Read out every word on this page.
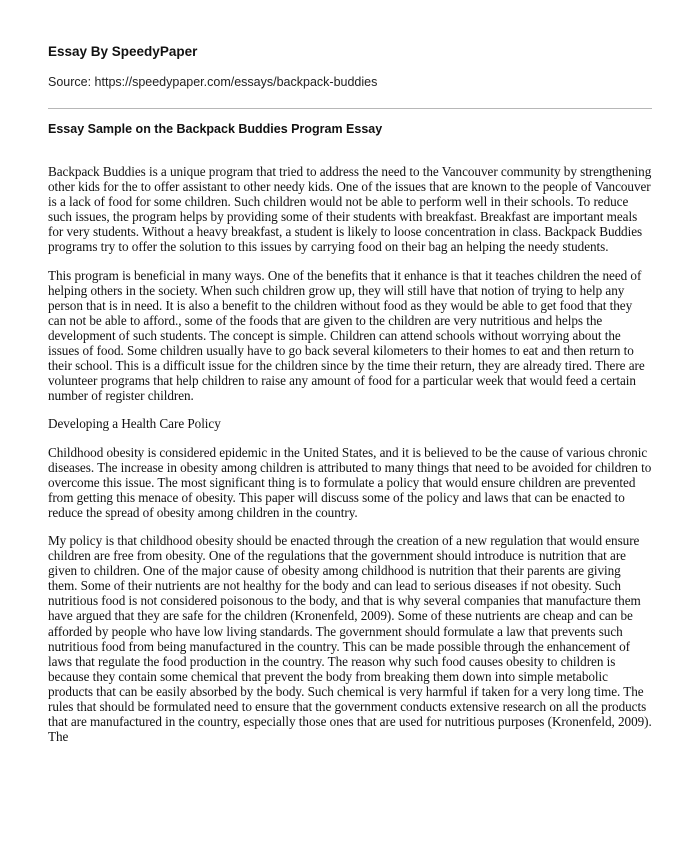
Essay By SpeedyPaper
Source: https://speedypaper.com/essays/backpack-buddies
Essay Sample on the Backpack Buddies Program Essay

Backpack Buddies is a unique program that tried to address the need to the Vancouver community by strengthening other kids for the to offer assistant to other needy kids. One of the issues that are known to the people of Vancouver is a lack of food for some children. Such children would not be able to perform well in their schools. To reduce such issues, the program helps by providing some of their students with breakfast. Breakfast are important meals for very students. Without a heavy breakfast, a student is likely to loose concentration in class. Backpack Buddies programs try to offer the solution to this issues by carrying food on their bag an helping the needy students.

This program is beneficial in many ways. One of the benefits that it enhance is that it teaches children the need of helping others in the society. When such children grow up, they will still have that notion of trying to help any person that is in need. It is also a benefit to the children without food as they would be able to get food that they can not be able to afford., some of the foods that are given to the children are very nutritious and helps the development of such students. The concept is simple. Children can attend schools without worrying about the issues of food. Some children usually have to go back several kilometers to their homes to eat and then return to their school. This is a difficult issue for the children since by the time their return, they are already tired. There are volunteer programs that help children to raise any amount of food for a particular week that would feed a certain number of register children.

Developing a Health Care Policy

Childhood obesity is considered epidemic in the United States, and it is believed to be the cause of various chronic diseases. The increase in obesity among children is attributed to many things that need to be avoided for children to overcome this issue. The most significant thing is to formulate a policy that would ensure children are prevented from getting this menace of obesity. This paper will discuss some of the policy and laws that can be enacted to reduce the spread of obesity among children in the country.

My policy is that childhood obesity should be enacted through the creation of a new regulation that would ensure children are free from obesity. One of the regulations that the government should introduce is nutrition that are given to children. One of the major cause of obesity among childhood is nutrition that their parents are giving them. Some of their nutrients are not healthy for the body and can lead to serious diseases if not obesity. Such nutritious food is not considered poisonous to the body, and that is why several companies that manufacture them have argued that they are safe for the children (Kronenfeld, 2009). Some of these nutrients are cheap and can be afforded by people who have low living standards. The government should formulate a law that prevents such nutritious food from being manufactured in the country. This can be made possible through the enhancement of laws that regulate the food production in the country. The reason why such food causes obesity to children is because they contain some chemical that prevent the body from breaking them down into simple metabolic products that can be easily absorbed by the body. Such chemical is very harmful if taken for a very long time. The rules that should be formulated need to ensure that the government conducts extensive research on all the products that are manufactured in the country, especially those ones that are used for nutritious purposes (Kronenfeld, 2009). The
